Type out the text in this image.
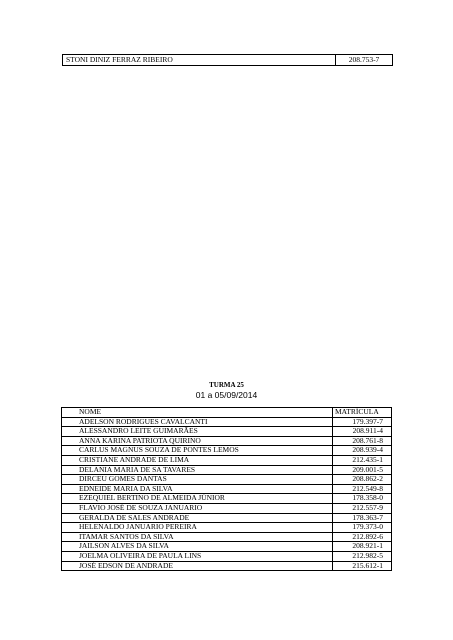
STONI DINIZ FERRAZ RIBEIRO	208.753-7
TURMA 25
01 a 05/09/2014
NOME	MATRÍCULA
ADELSON RODRIGUES CAVALCANTI	179.397-7
ALESSANDRO LEITE GUIMARÃES	208.911-4
ANNA KARINA PATRIOTA QUIRINO	208.761-8
CARLUS MAGNUS SOUZA DE PONTES LEMOS	208.939-4
CRISTIANE ANDRADE DE LIMA	212.435-1
DELANIA MARIA DE SA TAVARES	209.001-5
DIRCEU GOMES DANTAS	208.862-2
EDNEIDE MARIA DA SILVA	212.549-8
EZEQUIEL BERTINO DE ALMEIDA JÚNIOR	178.358-0
FLAVIO JOSÉ DE SOUZA JANUARIO	212.557-9
GERALDA DE SALES ANDRADE	178.363-7
HELENALDO JANUARIO PEREIRA	179.373-0
ITAMAR SANTOS DA SILVA	212.892-6
JAILSON ALVES DA SILVA	208.921-1
JOELMA OLIVEIRA DE PAULA LINS	212.982-5
JOSÉ EDSON DE ANDRADE	215.612-1
